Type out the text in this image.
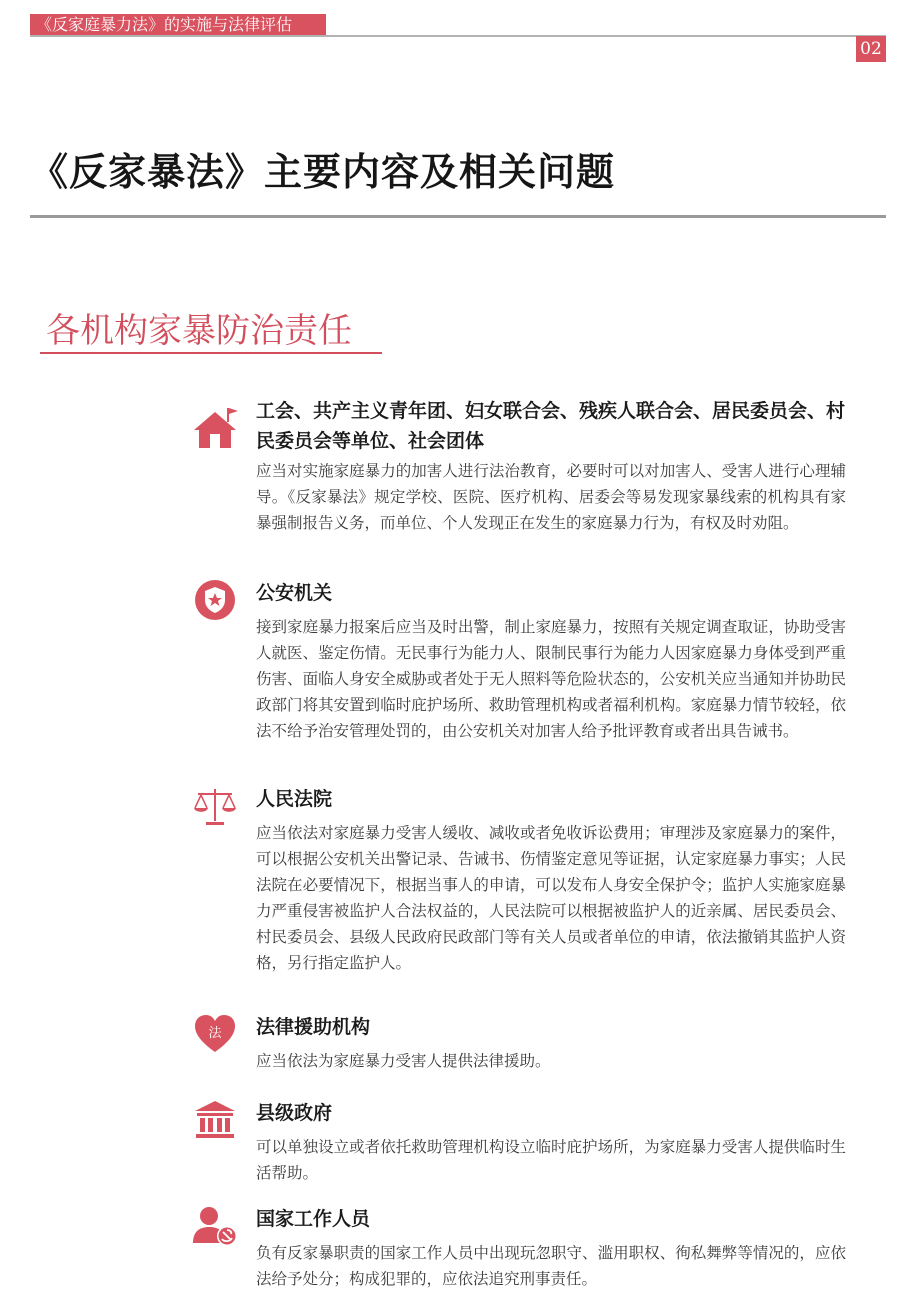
《反家庭暴力法》的实施与法律评估
02
《反家暴法》主要内容及相关问题
各机构家暴防治责任
工会、共产主义青年团、妇女联合会、残疾人联合会、居民委员会、村民委员会等单位、社会团体
应当对实施家庭暴力的加害人进行法治教育，必要时可以对加害人、受害人进行心理辅导。《反家暴法》规定学校、医院、医疗机构、居委会等易发现家暴线索的机构具有家暴强制报告义务，而单位、个人发现正在发生的家庭暴力行为，有权及时劝阻。
公安机关
接到家庭暴力报案后应当及时出警，制止家庭暴力，按照有关规定调查取证，协助受害人就医、鉴定伤情。无民事行为能力人、限制民事行为能力人因家庭暴力身体受到严重伤害、面临人身安全威胁或者处于无人照料等危险状态的，公安机关应当通知并协助民政部门将其安置到临时庇护场所、救助管理机构或者福利机构。家庭暴力情节较轻，依法不给予治安管理处罚的，由公安机关对加害人给予批评教育或者出具告诫书。
人民法院
应当依法对家庭暴力受害人缓收、减收或者免收诉讼费用；审理涉及家庭暴力的案件，可以根据公安机关出警记录、告诫书、伤情鉴定意见等证据，认定家庭暴力事实；人民法院在必要情况下，根据当事人的申请，可以发布人身安全保护令；监护人实施家庭暴力严重侵害被监护人合法权益的，人民法院可以根据被监护人的近亲属、居民委员会、村民委员会、县级人民政府民政部门等有关人员或者单位的申请，依法撤销其监护人资格，另行指定监护人。
法 法律援助机构
应当依法为家庭暴力受害人提供法律援助。
县级政府
可以单独设立或者依托救助管理机构设立临时庇护场所，为家庭暴力受害人提供临时生活帮助。
国家工作人员
负有反家暴职责的国家工作人员中出现玩忽职守、滥用职权、徇私舞弊等情况的，应依法给予处分；构成犯罪的，应依法追究刑事责任。
